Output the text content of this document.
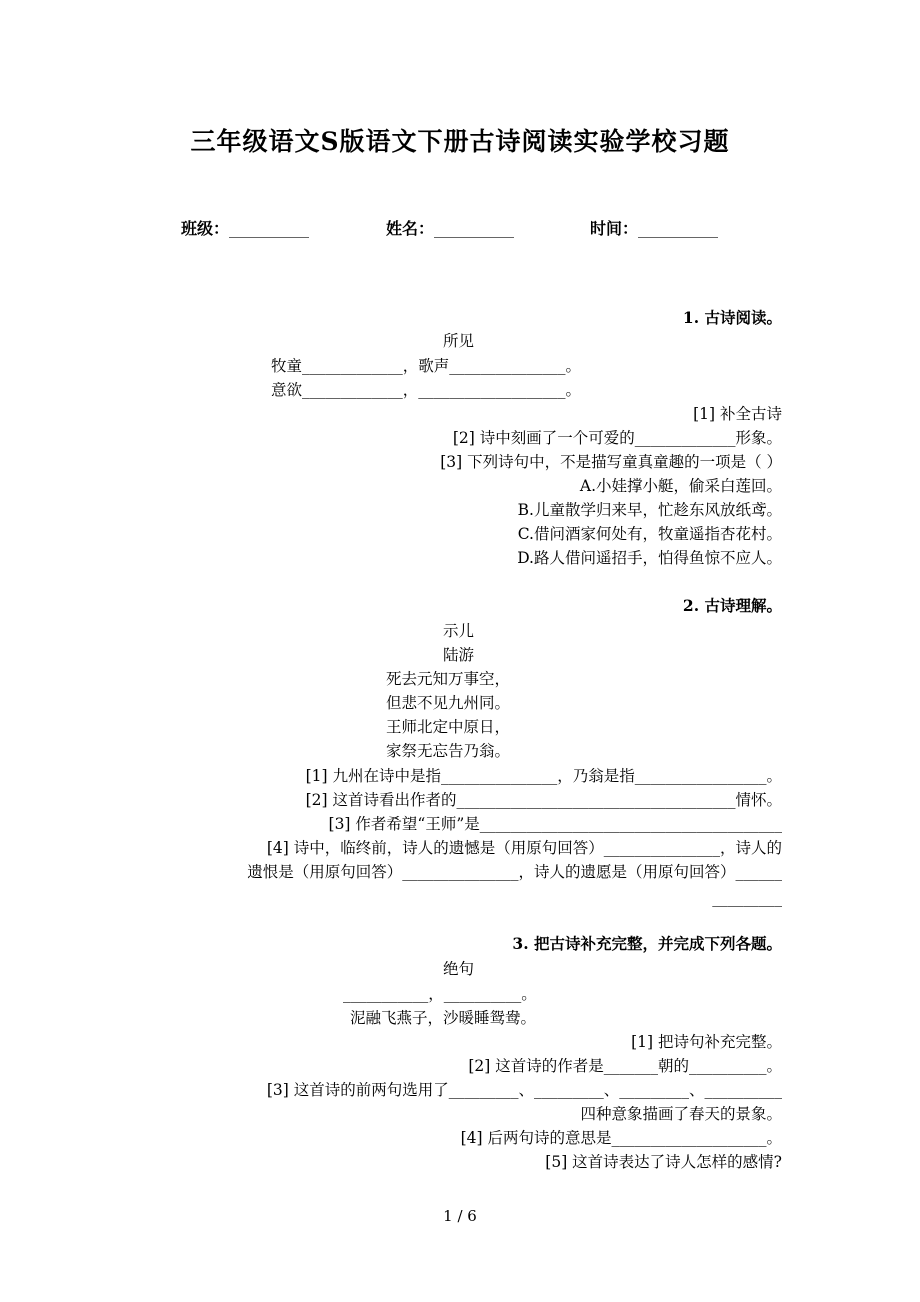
三年级语文S版语文下册古诗阅读实验学校习题
班级：__________	姓名：__________	时间：__________
1. 古诗阅读。
所见
牧童_____________，歌声_______________。
意欲_____________，___________________。
[1] 补全古诗
[2] 诗中刻画了一个可爱的_____________形象。
[3] 下列诗句中，不是描写童真童趣的一项是（ ）
A.小娃撑小艇，偷采白莲回。
B.儿童散学归来早，忙趁东风放纸鸢。
C.借问酒家何处有，牧童遥指杏花村。
D.路人借问遥招手，怕得鱼惊不应人。
2. 古诗理解。
示儿
陆游
死去元知万事空，
但悲不见九州同。
王师北定中原日，
家祭无忘告乃翁。
[1] 九州在诗中是指_______________，乃翁是指_________________。
[2] 这首诗看出作者的____________________________________情怀。
[3] 作者希望“王师”是_______________________________________
[4] 诗中，临终前，诗人的遗憾是（用原句回答）_______________，诗人的
遗恨是（用原句回答）_______________，诗人的遗愿是（用原句回答）______
_________
3. 把古诗补充完整，并完成下列各题。
绝句
___________，__________。
泥融飞燕子，沙暖睡鸳鸯。
[1] 把诗句补充完整。
[2] 这首诗的作者是_______朝的__________。
[3] 这首诗的前两句选用了_________、_________、_________、__________
四种意象描画了春天的景象。
[4] 后两句诗的意思是____________________。
[5] 这首诗表达了诗人怎样的感情?
1 / 6
